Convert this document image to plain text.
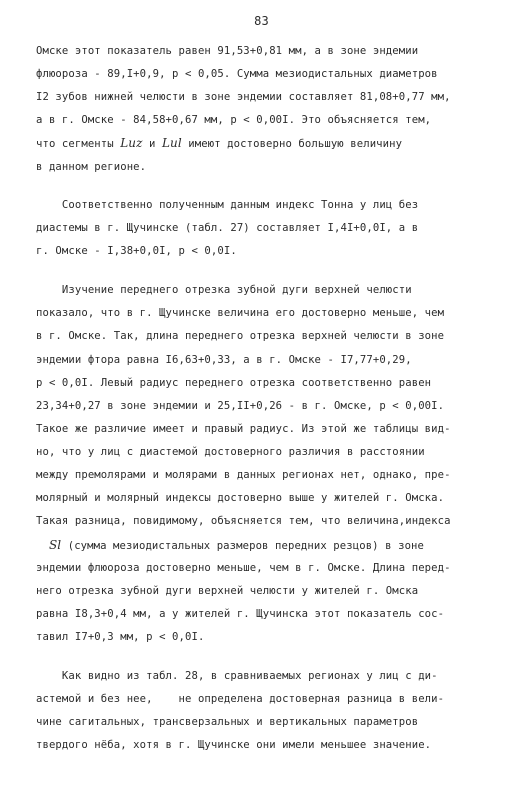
83
Омске этот показатель равен 91,53+0,81 мм, а в зоне эндемии
флюороза - 89,I+0,9, p < 0,05. Сумма мезиодистальных диаметров
I2 зубов нижней челюсти в зоне эндемии составляет 81,08+0,77 мм,
а в г. Омске - 84,58+0,67 мм, p < 0,00I. Это объясняется тем,
что сегменты Luz и Lul имеют достоверно большую величину
в данном регионе.
Соответственно полученным данным индекс Тонна у лиц без
диастемы в г. Щучинске (табл. 27) составляет I,4I+0,0I, а в
г. Омске - I,38+0,0I, p < 0,0I.
Изучение переднего отрезка зубной дуги верхней челюсти
показало, что в г. Щучинске величина его достоверно меньше, чем
в г. Омске. Так, длина переднего отрезка верхней челюсти в зоне
эндемии фтора равна I6,63+0,33, а в г. Омске - I7,77+0,29,
p < 0,0I. Левый радиус переднего отрезка соответственно равен
23,34+0,27 в зоне эндемии и 25,II+0,26 - в г. Омске, p < 0,00I.
Такое же различие имеет и правый радиус. Из этой же таблицы вид-
но, что у лиц с диастемой достоверного различия в расстоянии
между премолярами и молярами в данных регионах нет, однако, пре-
молярный и молярный индексы достоверно выше у жителей г. Омска.
Такая разница, повидимому, объясняется тем, что величина,индекса
Sl (сумма мезиодистальных размеров передних резцов) в зоне
эндемии флюороза достоверно меньше, чем в г. Омске. Длина перед-
него отрезка зубной дуги верхней челюсти у жителей г. Омска
равна I8,3+0,4 мм, а у жителей г. Щучинска этот показатель сос-
тавил I7+0,3 мм, p < 0,0I.
Как видно из табл. 28, в сравниваемых регионах у лиц с ди-
астемой и без нее,    не определена достоверная разница в вели-
чине сагитальных, трансверзальных и вертикальных параметров
твердого нёба, хотя в г. Щучинске они имели меньшее значение.
